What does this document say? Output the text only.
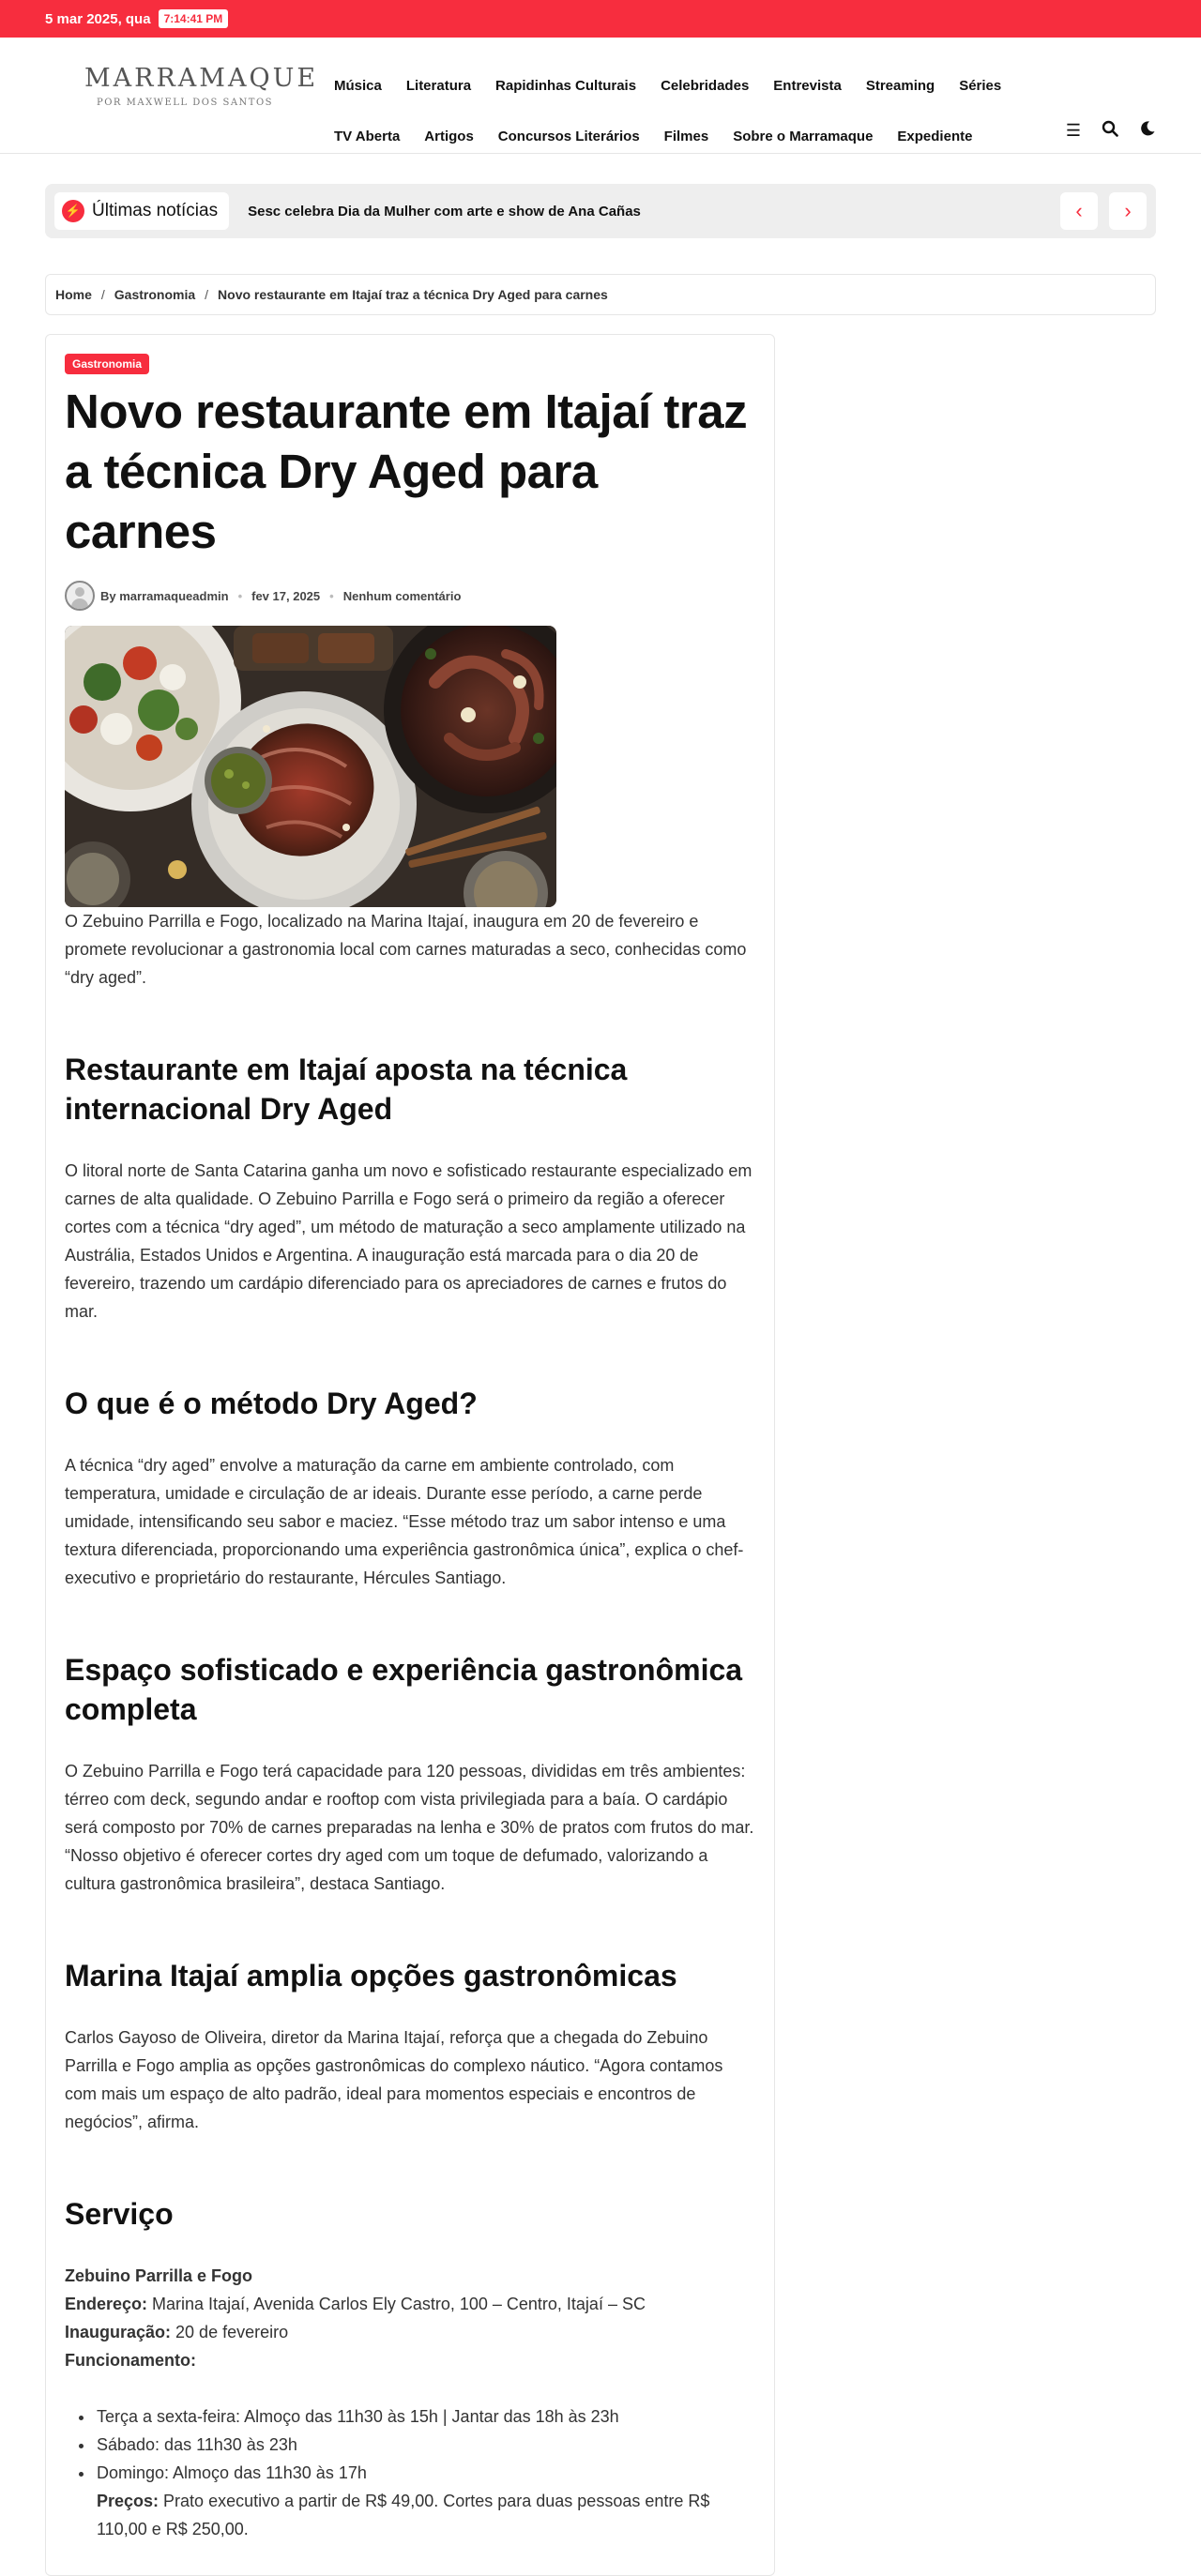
5 mar 2025, qua	7:14:41 PM
MARRAMAQUE
POR MAXWELL DOS SANTOS
Música Literatura Rapidinhas Culturais Celebridades Entrevista Streaming Séries
TV Aberta Artigos Concursos Literários Filmes Sobre o Marramaque Expediente	☰
⚡ Últimas notícias Sesc celebra Dia da Mulher com arte e show de Ana Cañas	‹	›
Home / Gastronomia / Novo restaurante em Itajaí traz a técnica Dry Aged para carnes
Gastronomia
Novo restaurante em Itajaí traz a técnica Dry Aged para carnes
By marramaqueadmin • fev 17, 2025 • Nenhum comentário

O Zebuino Parrilla e Fogo, localizado na Marina Itajaí, inaugura em 20 de fevereiro e promete revolucionar a gastronomia local com carnes maturadas a seco, conhecidas como “dry aged”.

Restaurante em Itajaí aposta na técnica internacional Dry Aged

O litoral norte de Santa Catarina ganha um novo e sofisticado restaurante especializado em carnes de alta qualidade. O Zebuino Parrilla e Fogo será o primeiro da região a oferecer cortes com a técnica “dry aged”, um método de maturação a seco amplamente utilizado na Austrália, Estados Unidos e Argentina. A inauguração está marcada para o dia 20 de fevereiro, trazendo um cardápio diferenciado para os apreciadores de carnes e frutos do mar.

O que é o método Dry Aged?

A técnica “dry aged” envolve a maturação da carne em ambiente controlado, com temperatura, umidade e circulação de ar ideais. Durante esse período, a carne perde umidade, intensificando seu sabor e maciez. “Esse método traz um sabor intenso e uma textura diferenciada, proporcionando uma experiência gastronômica única”, explica o chef-executivo e proprietário do restaurante, Hércules Santiago.

Espaço sofisticado e experiência gastronômica completa

O Zebuino Parrilla e Fogo terá capacidade para 120 pessoas, divididas em três ambientes: térreo com deck, segundo andar e rooftop com vista privilegiada para a baía. O cardápio será composto por 70% de carnes preparadas na lenha e 30% de pratos com frutos do mar. “Nosso objetivo é oferecer cortes dry aged com um toque de defumado, valorizando a cultura gastronômica brasileira”, destaca Santiago.

Marina Itajaí amplia opções gastronômicas

Carlos Gayoso de Oliveira, diretor da Marina Itajaí, reforça que a chegada do Zebuino Parrilla e Fogo amplia as opções gastronômicas do complexo náutico. “Agora contamos com mais um espaço de alto padrão, ideal para momentos especiais e encontros de negócios”, afirma.

Serviço

Zebuino Parrilla e Fogo

Endereço: Marina Itajaí, Avenida Carlos Ely Castro, 100 – Centro, Itajaí – SC

Inauguração: 20 de fevereiro

Funcionamento:

• Terça a sexta-feira: Almoço das 11h30 às 15h | Jantar das 18h às 23h
• Sábado: das 11h30 às 23h
• Domingo: Almoço das 11h30 às 17h
Preços: Prato executivo a partir de R$ 49,00. Cortes para duas pessoas entre R$ 110,00 e R$ 250,00.
